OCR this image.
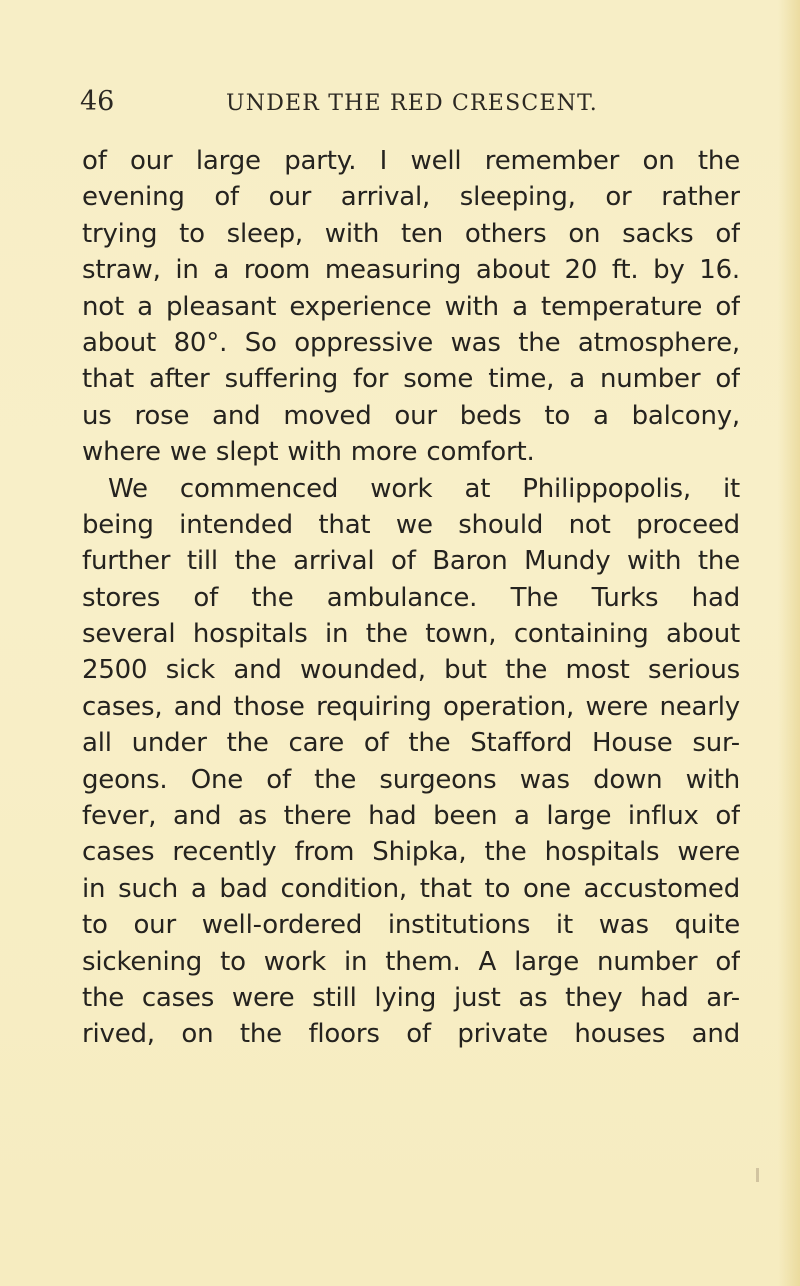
46	UNDER THE RED CRESCENT.
of our large party. I well remember on the
evening of our arrival, sleeping, or rather
trying to sleep, with ten others on sacks of
straw, in a room measuring about 20 ft. by 16.
not a pleasant experience with a temperature of
about 80°. So oppressive was the atmosphere,
that after suffering for some time, a number of
us rose and moved our beds to a balcony,
where we slept with more comfort.
We commenced work at Philippopolis, it
being intended that we should not proceed
further till the arrival of Baron Mundy with the
stores of the ambulance. The Turks had
several hospitals in the town, containing about
2500 sick and wounded, but the most serious
cases, and those requiring operation, were nearly
all under the care of the Stafford House sur-
geons. One of the surgeons was down with
fever, and as there had been a large influx of
cases recently from Shipka, the hospitals were
in such a bad condition, that to one accustomed
to our well-ordered institutions it was quite
sickening to work in them. A large number of
the cases were still lying just as they had ar-
rived, on the floors of private houses and
